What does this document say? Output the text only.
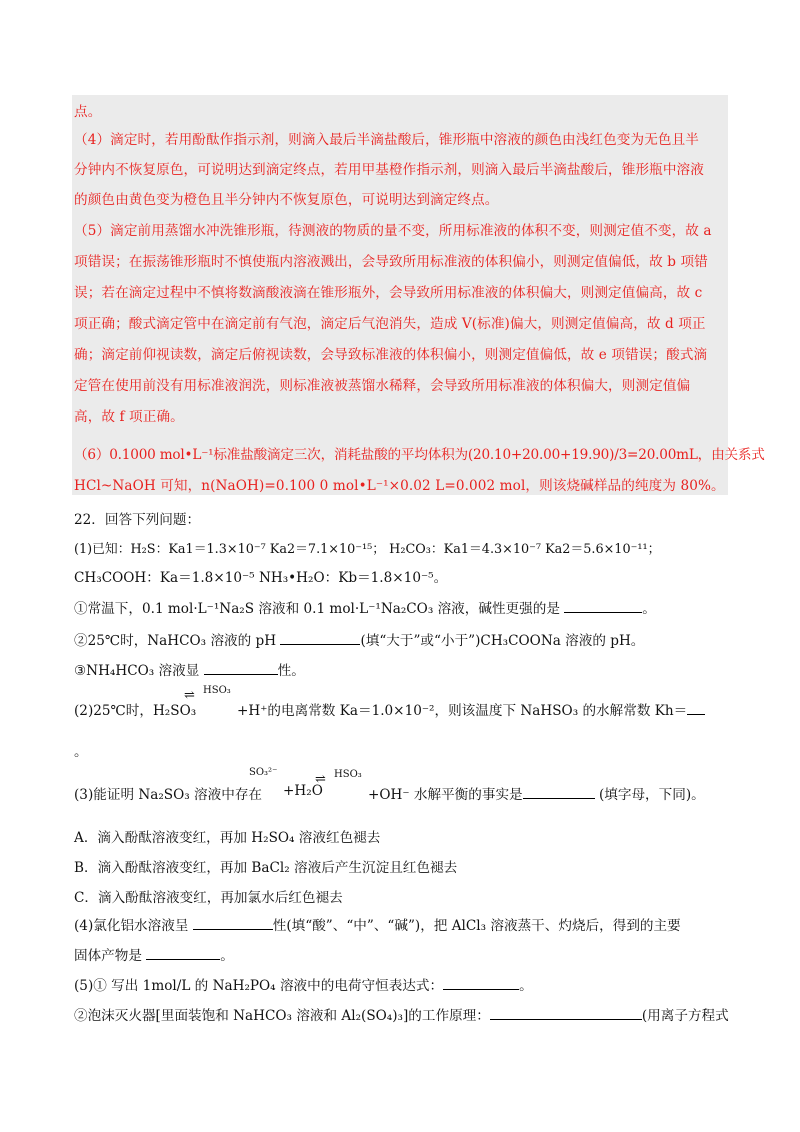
点。
（4）滴定时，若用酚酞作指示剂，则滴入最后半滴盐酸后，锥形瓶中溶液的颜色由浅红色变为无色且半
分钟内不恢复原色，可说明达到滴定终点，若用甲基橙作指示剂，则滴入最后半滴盐酸后，锥形瓶中溶液
的颜色由黄色变为橙色且半分钟内不恢复原色，可说明达到滴定终点。
（5）滴定前用蒸馏水冲洗锥形瓶，待测液的物质的量不变，所用标准液的体积不变，则测定值不变，故 a
项错误；在振荡锥形瓶时不慎使瓶内溶液溅出，会导致所用标准液的体积偏小，则测定值偏低，故 b 项错
误；若在滴定过程中不慎将数滴酸液滴在锥形瓶外，会导致所用标准液的体积偏大，则测定值偏高，故 c
项正确；酸式滴定管中在滴定前有气泡，滴定后气泡消失，造成 V(标准)偏大，则测定值偏高，故 d 项正
确；滴定前仰视读数，滴定后俯视读数，会导致标准液的体积偏小，则测定值偏低，故 e 项错误；酸式滴
定管在使用前没有用标准液润洗，则标准液被蒸馏水稀释，会导致所用标准液的体积偏大，则测定值偏
高，故 f 项正确。
（6）0.1000 mol•L⁻¹标准盐酸滴定三次，消耗盐酸的平均体积为(20.10+20.00+19.90)/3=20.00mL，由关系式
HCl~NaOH 可知，n(NaOH)=0.100 0 mol•L⁻¹×0.02 L=0.002 mol，则该烧碱样品的纯度为 80%。
22．回答下列问题：
(1)已知：H₂S：Ka1＝1.3×10⁻⁷ Ka2＝7.1×10⁻¹⁵； H₂CO₃：Ka1＝4.3×10⁻⁷ Ka2＝5.6×10⁻¹¹；
CH₃COOH：Ka＝1.8×10⁻⁵ NH₃•H₂O：Kb＝1.8×10⁻⁵。
①常温下，0.1 mol·L⁻¹Na₂S 溶液和 0.1 mol·L⁻¹Na₂CO₃ 溶液，碱性更强的是	。
②25℃时，NaHCO₃ 溶液的 pH	(填“大于”或“小于”)CH₃COONa 溶液的 pH。
③NH₄HCO₃ 溶液显	性。
(2)25℃时，H₂SO₃
⇌ HSO₃
+H⁺的电离常数 Ka＝1.0×10⁻²，则该温度下 NaHSO₃ 的水解常数 Kh＝
。
(3)能证明 Na₂SO₃ 溶液中存在
SO₃²⁻
+H₂O
⇌ HSO₃
+OH⁻ 水解平衡的事实是	(填字母，下同)。
A．滴入酚酞溶液变红，再加 H₂SO₄ 溶液红色褪去
B．滴入酚酞溶液变红，再加 BaCl₂ 溶液后产生沉淀且红色褪去
C．滴入酚酞溶液变红，再加氯水后红色褪去
(4)氯化铝水溶液呈	性(填“酸”、“中”、“碱”)，把 AlCl₃ 溶液蒸干、灼烧后，得到的主要
固体产物是	。
(5)① 写出 1mol/L 的 NaH₂PO₄ 溶液中的电荷守恒表达式：	。
②泡沫灭火器[里面装饱和 NaHCO₃ 溶液和 Al₂(SO₄)₃]的工作原理：	(用离子方程式
